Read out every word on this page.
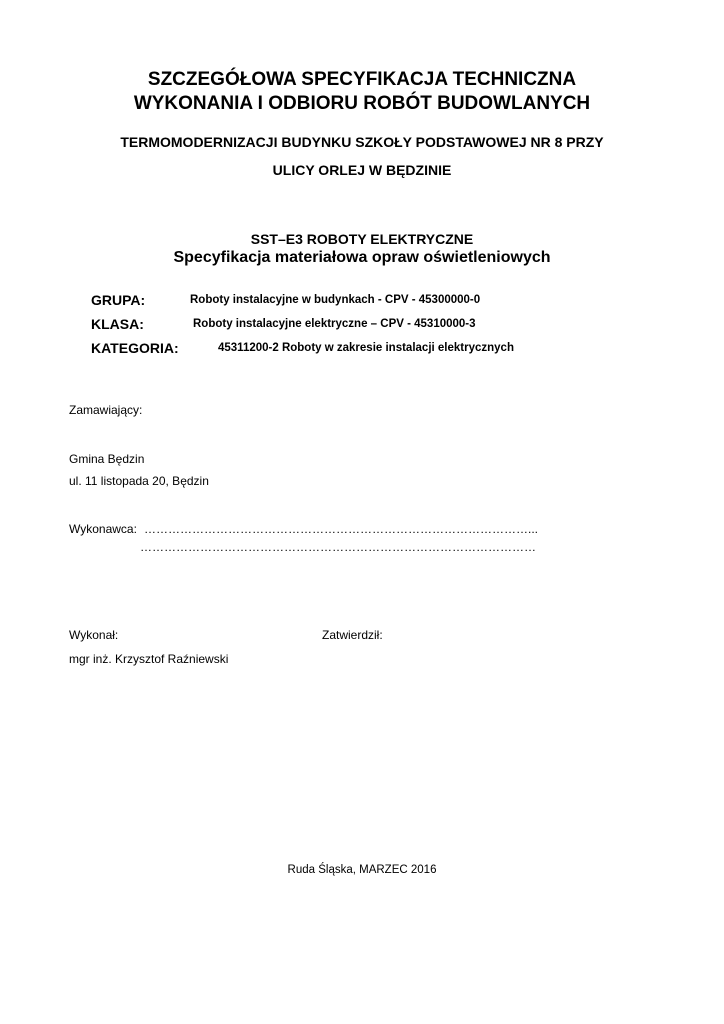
SZCZEGÓŁOWA SPECYFIKACJA TECHNICZNA
WYKONANIA I ODBIORU ROBÓT BUDOWLANYCH
TERMOMODERNIZACJI BUDYNKU SZKOŁY PODSTAWOWEJ NR 8 PRZY
ULICY ORLEJ W BĘDZINIE
SST–E3 ROBOTY ELEKTRYCZNE
Specyfikacja materiałowa opraw oświetleniowych
GRUPA:	Roboty instalacyjne w budynkach - CPV - 45300000-0
KLASA:	Roboty instalacyjne elektryczne – CPV - 45310000-3
KATEGORIA:	45311200-2 Roboty w zakresie instalacji elektrycznych
Zamawiający:
Gmina Będzin
ul. 11 listopada 20, Będzin
Wykonawca: ……………………………………………………………………………………...
………………………………………………………………………………………
Wykonał:	Zatwierdził:
mgr inż. Krzysztof Raźniewski
Ruda Śląska, MARZEC 2016
